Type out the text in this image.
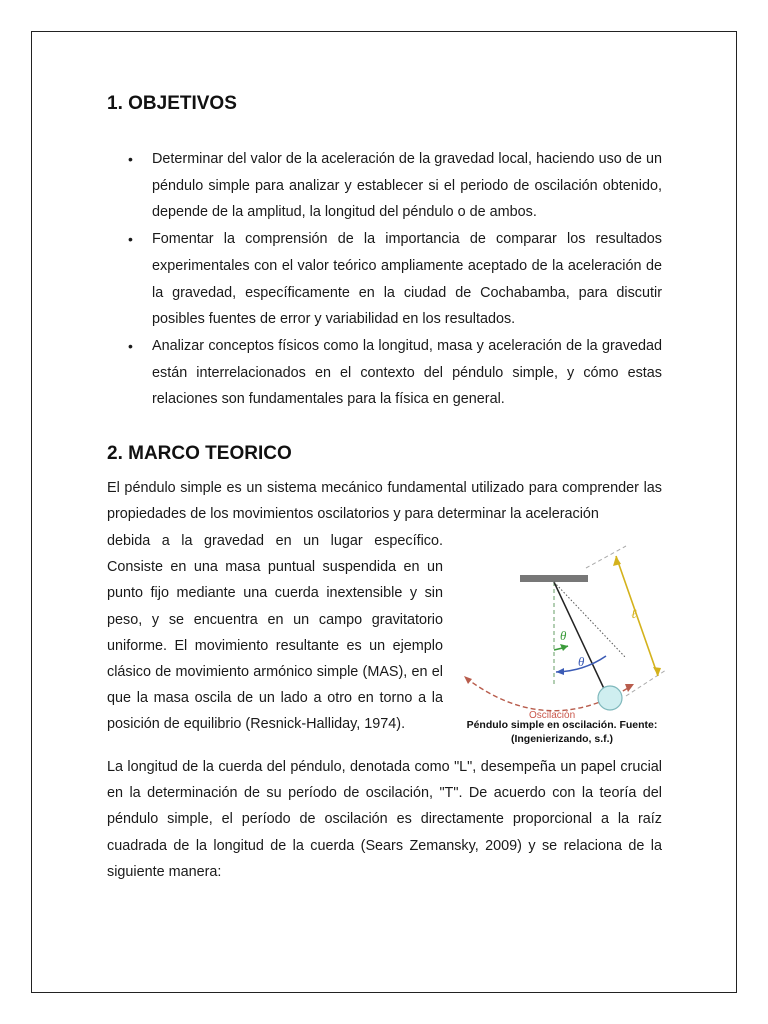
1. OBJETIVOS
• Determinar del valor de la aceleración de la gravedad local, haciendo uso de un péndulo simple para analizar y establecer si el periodo de oscilación obtenido, depende de la amplitud, la longitud del péndulo o de ambos.
• Fomentar la comprensión de la importancia de comparar los resultados experimentales con el valor teórico ampliamente aceptado de la aceleración de la gravedad, específicamente en la ciudad de Cochabamba, para discutir posibles fuentes de error y variabilidad en los resultados.
• Analizar conceptos físicos como la longitud, masa y aceleración de la gravedad están interrelacionados en el contexto del péndulo simple, y cómo estas relaciones son fundamentales para la física en general.
2. MARCO TEORICO

El péndulo simple es un sistema mecánico fundamental utilizado para comprender las propiedades de los movimientos oscilatorios y para determinar la aceleración

debida a la gravedad en un lugar específico. Consiste en una masa puntual suspendida en un punto fijo mediante una cuerda inextensible y sin peso, y se encuentra en un campo gravitatorio uniforme. El movimiento resultante es un ejemplo clásico de movimiento armónico simple (MAS), en el que la masa oscila de un lado a otro en torno a la posición de equilibrio (Resnick-Halliday, 1974).

θ
θ
ℓ
Oscilación
Péndulo simple en oscilación. Fuente: (Ingenierizando, s.f.)

La longitud de la cuerda del péndulo, denotada como "L", desempeña un papel crucial en la determinación de su período de oscilación, "T". De acuerdo con la teoría del péndulo simple, el período de oscilación es directamente proporcional a la raíz cuadrada de la longitud de la cuerda (Sears Zemansky, 2009) y se relaciona de la siguiente manera:
